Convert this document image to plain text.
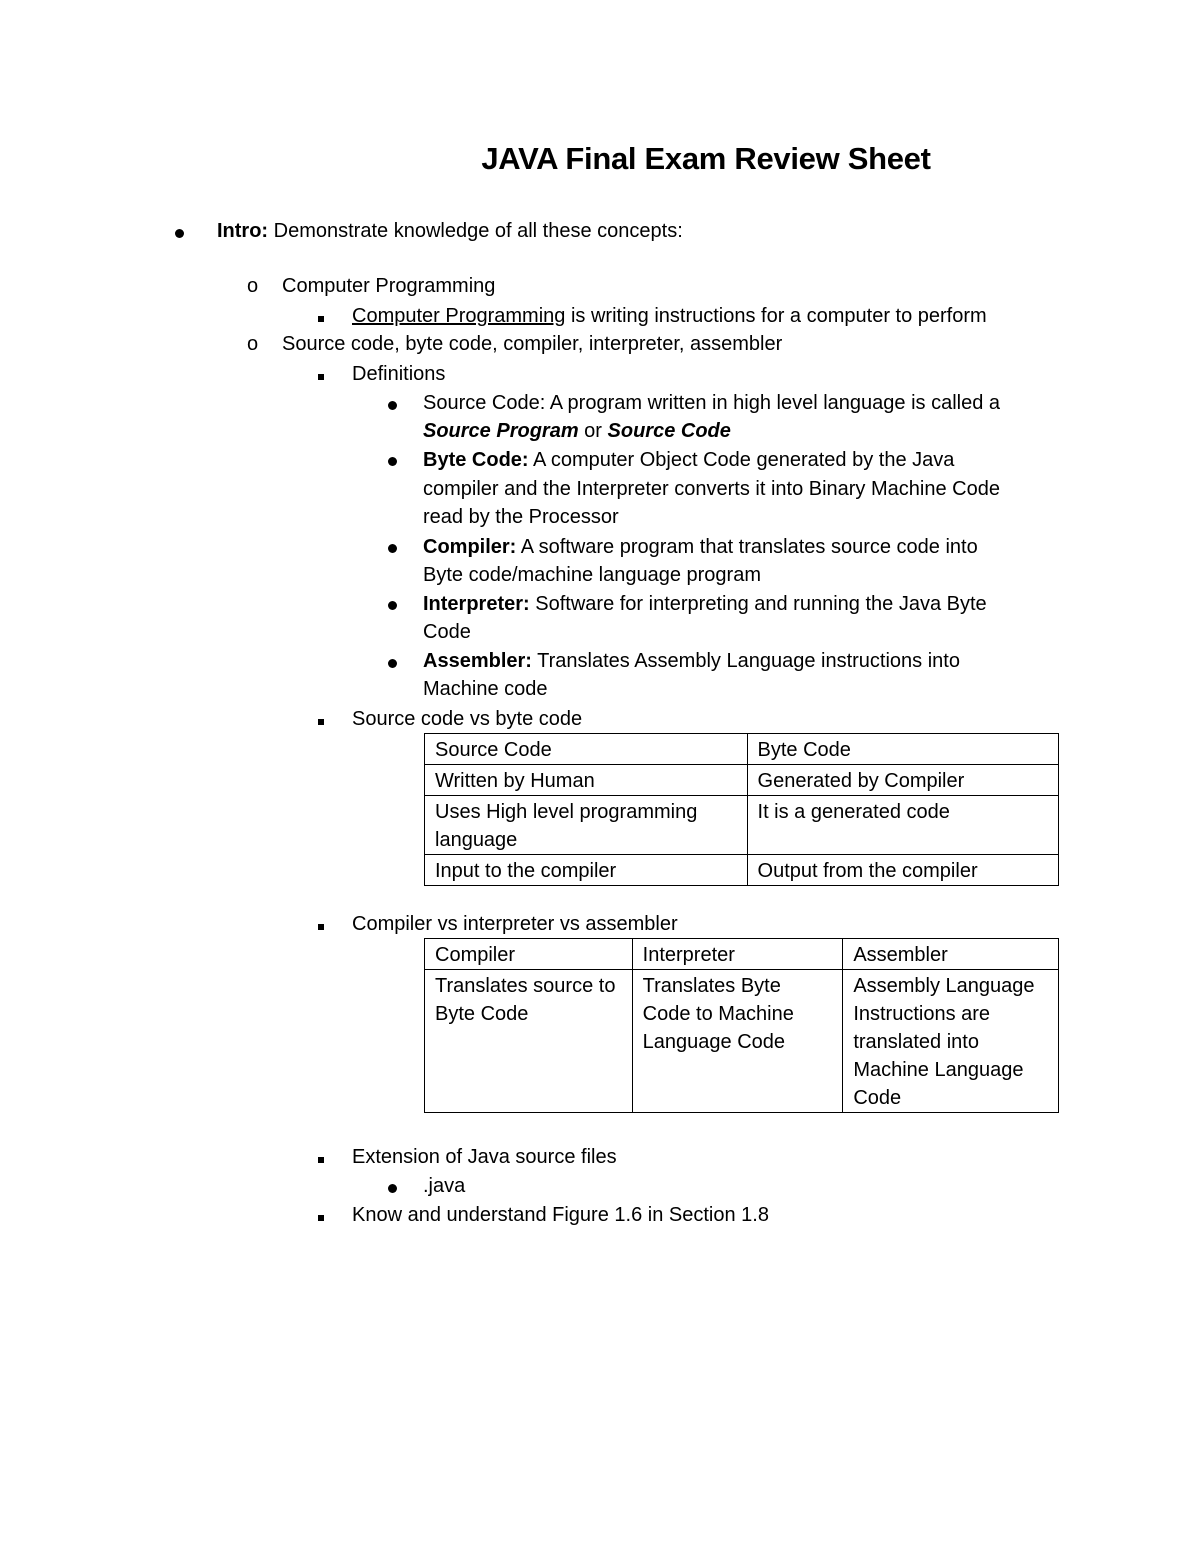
JAVA Final Exam Review Sheet
Intro: Demonstrate knowledge of all these concepts:
o Computer Programming
Computer Programming is writing instructions for a computer to perform
o Source code, byte code, compiler, interpreter, assembler
Definitions
Source Code: A program written in high level language is called a
Source Program or Source Code
Byte Code: A computer Object Code generated by the Java
compiler and the Interpreter converts it into Binary Machine Code
read by the Processor
Compiler: A software program that translates source code into
Byte code/machine language program
Interpreter: Software for interpreting and running the Java Byte
Code
Assembler: Translates Assembly Language instructions into
Machine code
Source code vs byte code
Source Code	Byte Code
Written by Human	Generated by Compiler
Uses High level programming language	It is a generated code
Input to the compiler	Output from the compiler
Compiler vs interpreter vs assembler
Compiler	Interpreter	Assembler
Translates source to Byte Code	Translates Byte Code to Machine Language Code	Assembly Language Instructions are translated into Machine Language Code
Extension of Java source files
.java
Know and understand Figure 1.6 in Section 1.8
